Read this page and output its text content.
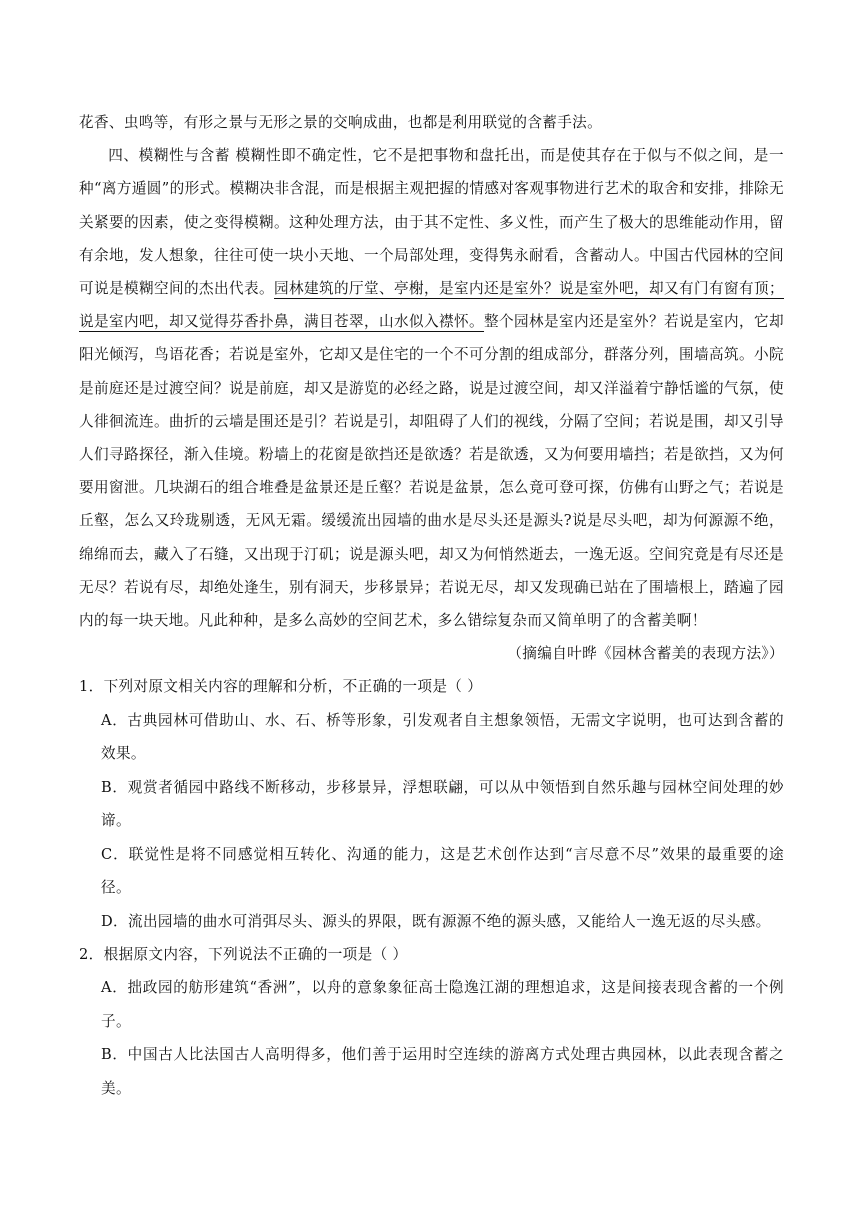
花香、虫鸣等，有形之景与无形之景的交响成曲，也都是利用联觉的含蓄手法。

四、模糊性与含蓄 模糊性即不确定性，它不是把事物和盘托出，而是使其存在于似与不似之间，是一种“离方遁圆”的形式。模糊决非含混，而是根据主观把握的情感对客观事物进行艺术的取舍和安排，排除无关紧要的因素，使之变得模糊。这种处理方法，由于其不定性、多义性，而产生了极大的思维能动作用，留有余地，发人想象，往往可使一块小天地、一个局部处理，变得隽永耐看，含蓄动人。中国古代园林的空间可说是模糊空间的杰出代表。园林建筑的厅堂、亭榭，是室内还是室外？说是室外吧，却又有门有窗有顶；说是室内吧，却又觉得芬香扑鼻，满目苍翠，山水似入襟怀。整个园林是室内还是室外？若说是室内，它却阳光倾泻，鸟语花香；若说是室外，它却又是住宅的一个不可分割的组成部分，群落分列，围墙高筑。小院是前庭还是过渡空间？说是前庭，却又是游览的必经之路，说是过渡空间，却又洋溢着宁静恬谧的气氛，使人徘徊流连。曲折的云墙是围还是引？若说是引，却阻碍了人们的视线，分隔了空间；若说是围，却又引导人们寻路探径，渐入佳境。粉墙上的花窗是欲挡还是欲透？若是欲透，又为何要用墙挡；若是欲挡，又为何要用窗泄。几块湖石的组合堆叠是盆景还是丘壑？若说是盆景，怎么竟可登可探，仿佛有山野之气；若说是丘壑，怎么又玲珑剔透，无风无霜。缓缓流出园墙的曲水是尽头还是源头?说是尽头吧，却为何源源不绝，绵绵而去，藏入了石缝，又出现于汀矶；说是源头吧，却又为何悄然逝去，一逸无返。空间究竟是有尽还是无尽？若说有尽，却绝处逢生，别有洞天，步移景异；若说无尽，却又发现确已站在了围墙根上，踏遍了园内的每一块天地。凡此种种，是多么高妙的空间艺术，多么错综复杂而又简单明了的含蓄美啊！

（摘编自叶晔《园林含蓄美的表现方法》）

1．下列对原文相关内容的理解和分析，不正确的一项是（ ）

A．古典园林可借助山、水、石、桥等形象，引发观者自主想象领悟，无需文字说明，也可达到含蓄的效果。

B．观赏者循园中路线不断移动，步移景异，浮想联翩，可以从中领悟到自然乐趣与园林空间处理的妙谛。

C．联觉性是将不同感觉相互转化、沟通的能力，这是艺术创作达到“言尽意不尽”效果的最重要的途径。

D．流出园墙的曲水可消弭尽头、源头的界限，既有源源不绝的源头感，又能给人一逸无返的尽头感。

2．根据原文内容，下列说法不正确的一项是（ ）

A．拙政园的舫形建筑“香洲”，以舟的意象象征高士隐逸江湖的理想追求，这是间接表现含蓄的一个例子。

B．中国古人比法国古人高明得多，他们善于运用时空连续的游离方式处理古典园林，以此表现含蓄之美。
